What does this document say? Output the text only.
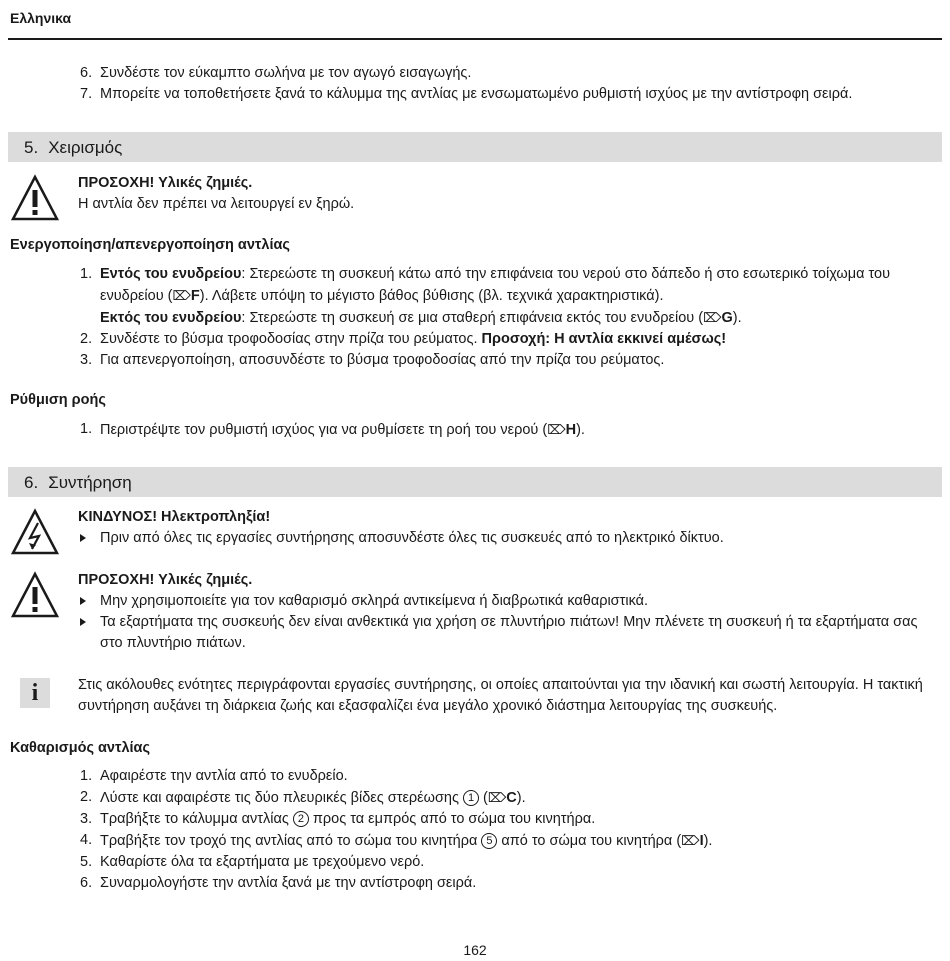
Ελληνικα
6. Συνδέστε τον εύκαμπτο σωλήνα με τον αγωγό εισαγωγής.
7. Μπορείτε να τοποθετήσετε ξανά το κάλυμμα της αντλίας με ενσωματωμένο ρυθμιστή ισχύος με την αντίστροφη σειρά.
5. Χειρισμός
ΠΡΟΣΟΧΗ! Υλικές ζημιές.
Η αντλία δεν πρέπει να λειτουργεί εν ξηρώ.
Ενεργοποίηση/απενεργοποίηση αντλίας
1. Εντός του ενυδρείου: Στερεώστε τη συσκευή κάτω από την επιφάνεια του νερού στο δάπεδο ή στο εσωτερικό τοίχωμα του ενυδρείου (⌦F). Λάβετε υπόψη το μέγιστο βάθος βύθισης (βλ. τεχνικά χαρακτηριστικά).
Εκτός του ενυδρείου: Στερεώστε τη συσκευή σε μια σταθερή επιφάνεια εκτός του ενυδρείου (⌦G).
2. Συνδέστε το βύσμα τροφοδοσίας στην πρίζα του ρεύματος. Προσοχή: Η αντλία εκκινεί αμέσως!
3. Για απενεργοποίηση, αποσυνδέστε το βύσμα τροφοδοσίας από την πρίζα του ρεύματος.
Ρύθμιση ροής
1. Περιστρέψτε τον ρυθμιστή ισχύος για να ρυθμίσετε τη ροή του νερού (⌦H).
6. Συντήρηση
ΚΙΝΔΥΝΟΣ! Ηλεκτροπληξία!
Πριν από όλες τις εργασίες συντήρησης αποσυνδέστε όλες τις συσκευές από το ηλεκτρικό δίκτυο.
ΠΡΟΣΟΧΗ! Υλικές ζημιές.
Μην χρησιμοποιείτε για τον καθαρισμό σκληρά αντικείμενα ή διαβρωτικά καθαριστικά.
Τα εξαρτήματα της συσκευής δεν είναι ανθεκτικά για χρήση σε πλυντήριο πιάτων! Μην πλένετε τη συσκευή ή τα εξαρτήματα σας στο πλυντήριο πιάτων.
i	Στις ακόλουθες ενότητες περιγράφονται εργασίες συντήρησης, οι οποίες απαιτούνται για την ιδανική και σωστή λειτουργία. Η τακτική συντήρηση αυξάνει τη διάρκεια ζωής και εξασφαλίζει ένα μεγάλο χρονικό διάστημα λειτουργίας της συσκευής.
Καθαρισμός αντλίας
1. Αφαιρέστε την αντλία από το ενυδρείο.
2. Λύστε και αφαιρέστε τις δύο πλευρικές βίδες στερέωσης 1 (⌦C).
3. Τραβήξτε το κάλυμμα αντλίας 2 προς τα εμπρός από το σώμα του κινητήρα.
4. Τραβήξτε τον τροχό της αντλίας από το σώμα του κινητήρα 5 από το σώμα του κινητήρα (⌦I).
5. Καθαρίστε όλα τα εξαρτήματα με τρεχούμενο νερό.
6. Συναρμολογήστε την αντλία ξανά με την αντίστροφη σειρά.
162
